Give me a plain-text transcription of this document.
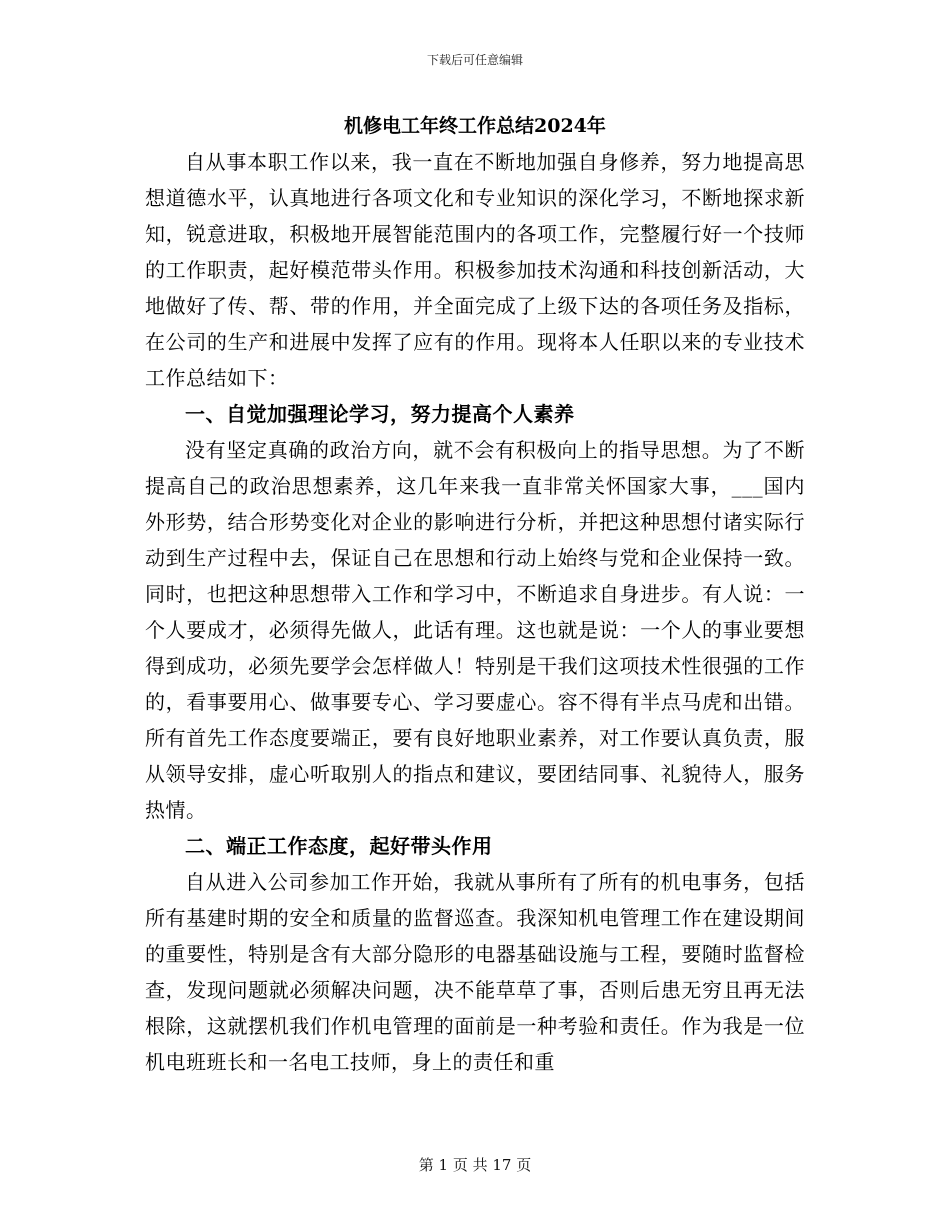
下载后可任意编辑
机修电工年终工作总结2024年

自从事本职工作以来，我一直在不断地加强自身修养，努力地提高思想道德水平，认真地进行各项文化和专业知识的深化学习，不断地探求新知，锐意进取，积极地开展智能范围内的各项工作，完整履行好一个技师的工作职责，起好模范带头作用。积极参加技术沟通和科技创新活动，大地做好了传、帮、带的作用，并全面完成了上级下达的各项任务及指标，在公司的生产和进展中发挥了应有的作用。现将本人任职以来的专业技术工作总结如下：

一、自觉加强理论学习，努力提高个人素养

没有坚定真确的政治方向，就不会有积极向上的指导思想。为了不断提高自己的政治思想素养，这几年来我一直非常关怀国家大事，___国内外形势，结合形势变化对企业的影响进行分析，并把这种思想付诸实际行动到生产过程中去，保证自己在思想和行动上始终与党和企业保持一致。同时，也把这种思想带入工作和学习中，不断追求自身进步。有人说：一个人要成才，必须得先做人，此话有理。这也就是说：一个人的事业要想得到成功，必须先要学会怎样做人！特别是干我们这项技术性很强的工作的，看事要用心、做事要专心、学习要虚心。容不得有半点马虎和出错。所有首先工作态度要端正，要有良好地职业素养，对工作要认真负责，服从领导安排，虚心听取别人的指点和建议，要团结同事、礼貌待人，服务热情。

二、端正工作态度，起好带头作用

自从进入公司参加工作开始，我就从事所有了所有的机电事务，包括所有基建时期的安全和质量的监督巡查。我深知机电管理工作在建设期间的重要性，特别是含有大部分隐形的电器基础设施与工程，要随时监督检查，发现问题就必须解决问题，决不能草草了事，否则后患无穷且再无法根除，这就摆机我们作机电管理的面前是一种考验和责任。作为我是一位机电班班长和一名电工技师，身上的责任和重

第 1 页 共 17 页
